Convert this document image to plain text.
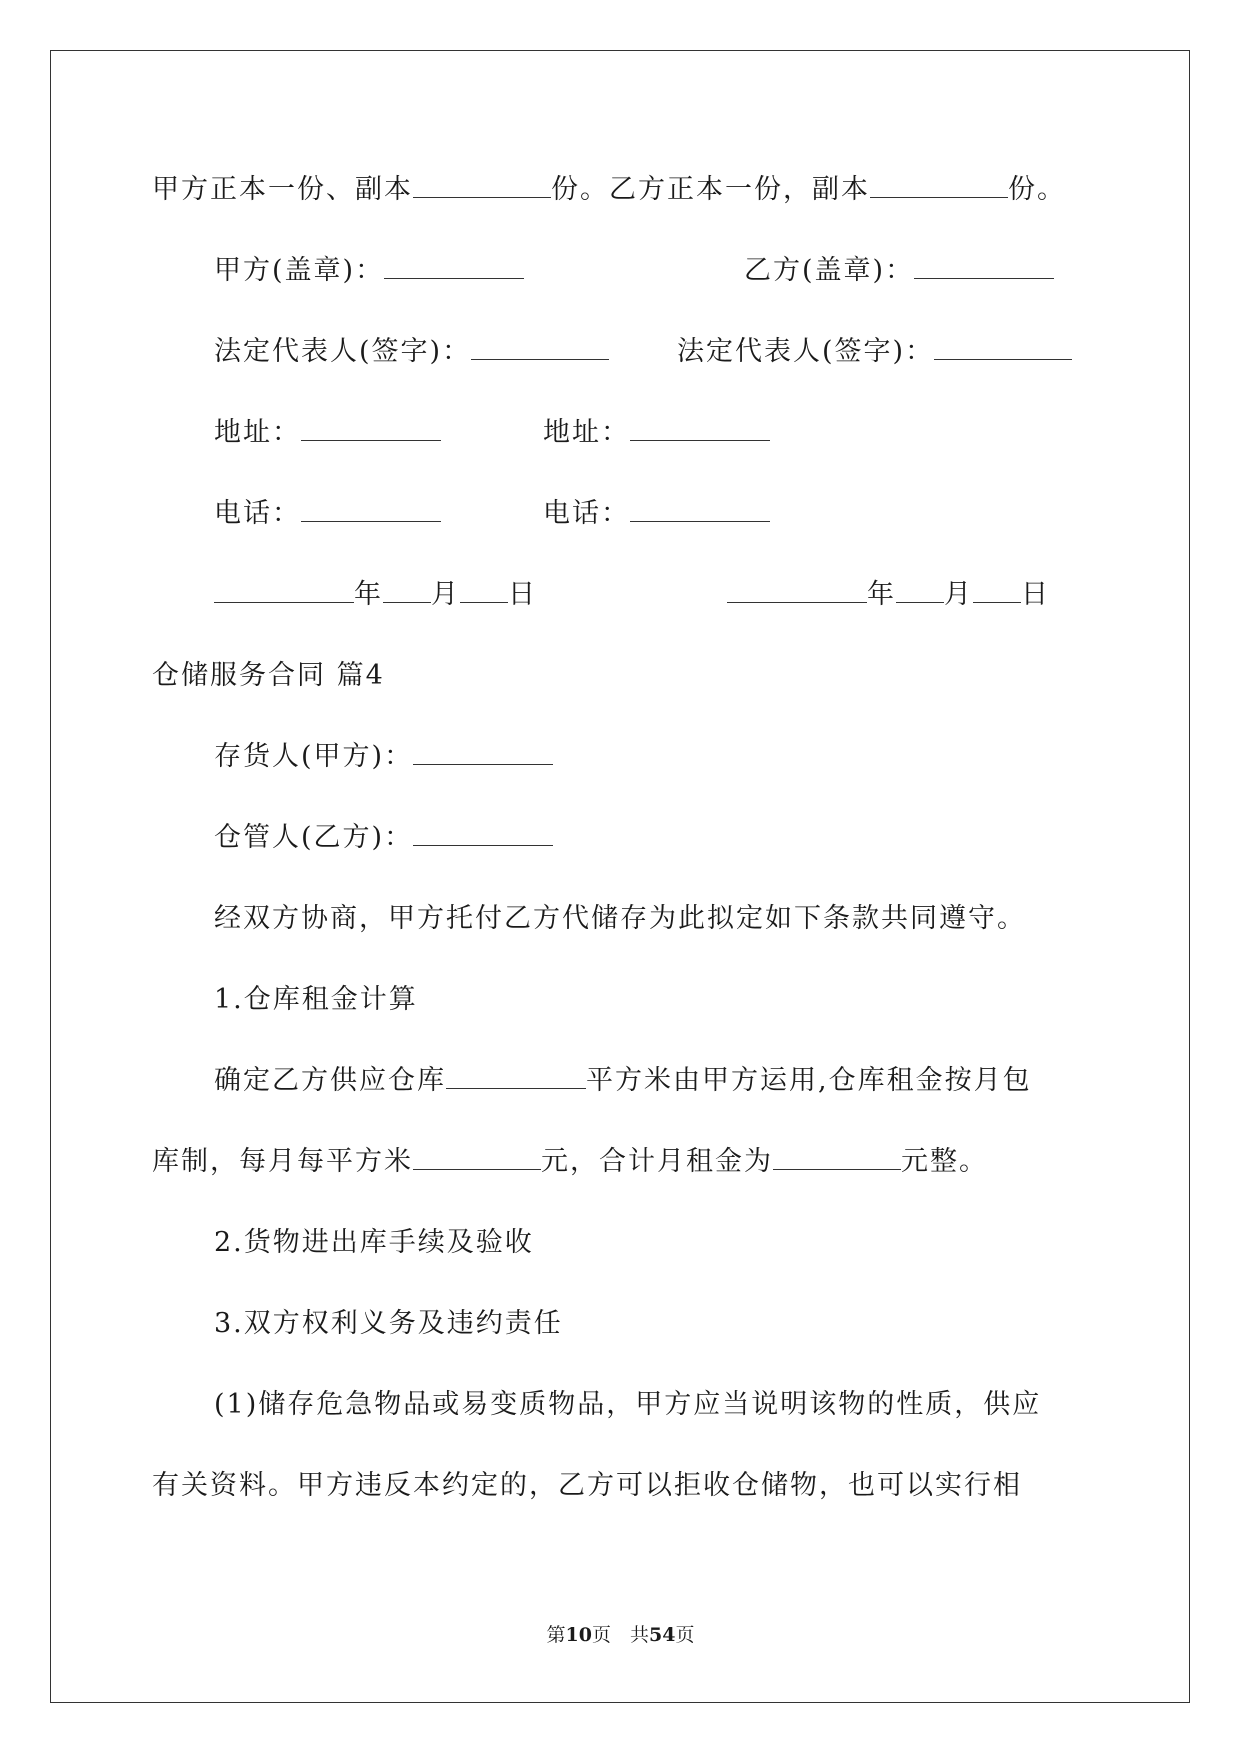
甲方正本一份、副本	份。乙方正本一份，副本	份。
甲方(盖章)：	乙方(盖章)：
法定代表人(签字)：	法定代表人(签字)：
地址：	地址：
电话：	电话：
年 月 日	年 月 日
仓储服务合同 篇4
存货人(甲方)：
仓管人(乙方)：
经双方协商，甲方托付乙方代储存为此拟定如下条款共同遵守。
1.仓库租金计算
确定乙方供应仓库	平方米由甲方运用,仓库租金按月包
库制，每月每平方米	元，合计月租金为	元整。
2.货物进出库手续及验收
3.双方权利义务及违约责任
(1)储存危急物品或易变质物品，甲方应当说明该物的性质，供应
有关资料。甲方违反本约定的，乙方可以拒收仓储物，也可以实行相
第10页　共54页
